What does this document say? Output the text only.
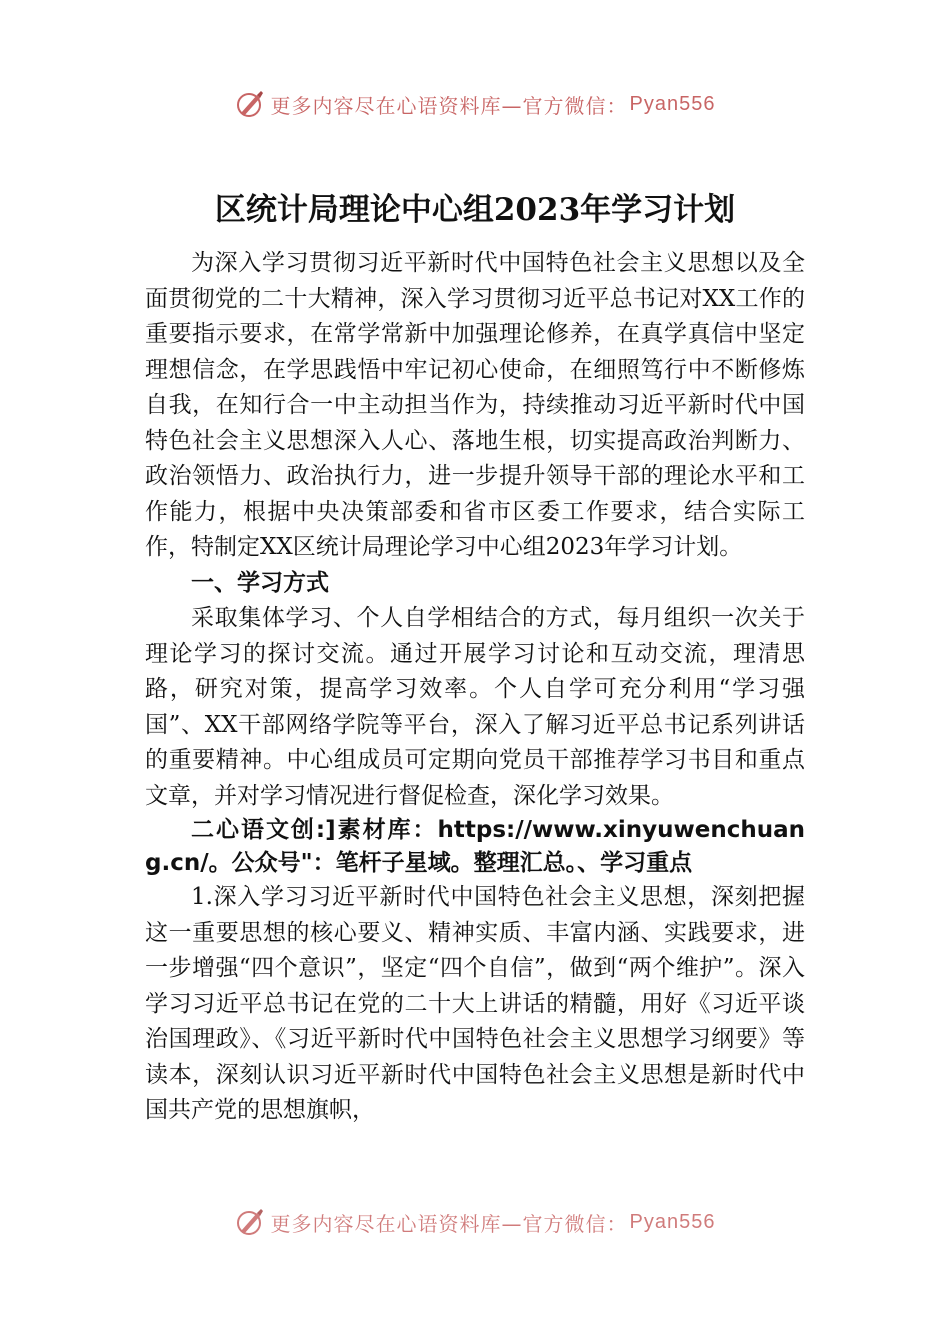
更多内容尽在心语资料库—官方微信： Pyan556
区统计局理论中心组2023年学习计划

为深入学习贯彻习近平新时代中国特色社会主义思想以及全面贯彻党的二十大精神，深入学习贯彻习近平总书记对XX工作的重要指示要求，在常学常新中加强理论修养，在真学真信中坚定理想信念，在学思践悟中牢记初心使命，在细照笃行中不断修炼自我，在知行合一中主动担当作为，持续推动习近平新时代中国特色社会主义思想深入人心、落地生根，切实提高政治判断力、政治领悟力、政治执行力，进一步提升领导干部的理论水平和工作能力，根据中央决策部委和省市区委工作要求，结合实际工作，特制定XX区统计局理论学习中心组2023年学习计划。

一、学习方式

采取集体学习、个人自学相结合的方式，每月组织一次关于理论学习的探讨交流。通过开展学习讨论和互动交流，理清思路，研究对策，提高学习效率。个人自学可充分利用“学习强国”、XX干部网络学院等平台，深入了解习近平总书记系列讲话的重要精神。中心组成员可定期向党员干部推荐学习书目和重点文章，并对学习情况进行督促检查，深化学习效果。

二心语文创:]素材库：https://www.xinyuwenchuang.cn/。公众号"：笔杆子星域。整理汇总。、学习重点

1.深入学习习近平新时代中国特色社会主义思想，深刻把握这一重要思想的核心要义、精神实质、丰富内涵、实践要求，进一步增强“四个意识”，坚定“四个自信”，做到“两个维护”。深入学习习近平总书记在党的二十大上讲话的精髓，用好《习近平谈治国理政》、《习近平新时代中国特色社会主义思想学习纲要》等读本，深刻认识习近平新时代中国特色社会主义思想是新时代中国共产党的思想旗帜，

更多内容尽在心语资料库—官方微信： Pyan556
